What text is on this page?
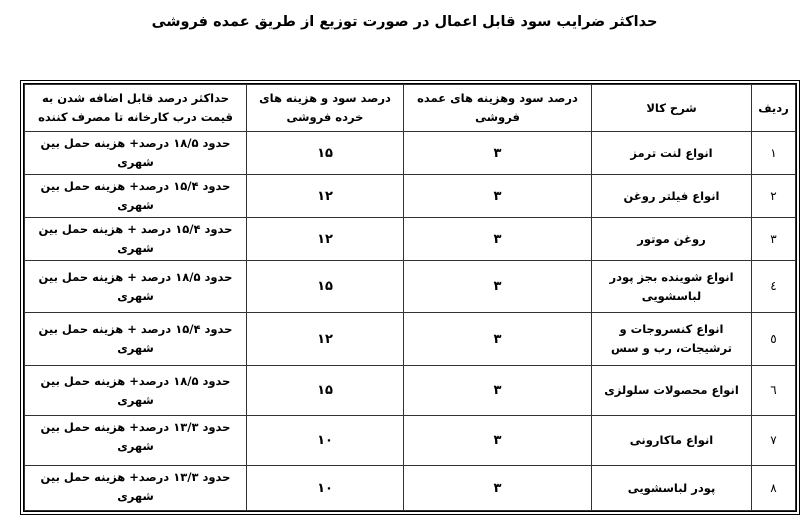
حداکثر ضرایب سود قابل اعمال در صورت توزیع از طریق عمده فروشی
ردیف	شرح کالا	درصد سود وهزینه های عمده فروشی	درصد سود و هزینه های خرده فروشی	حداکثر درصد قابل اضافه شدن به قیمت درب کارخانه تا مصرف کننده
۱	انواع لنت ترمز	۳	۱۵	حدود ۱۸/۵ درصد+ هزینه حمل بین شهری
۲	انواع فیلتر روغن	۳	۱۲	حدود ۱۵/۴ درصد+ هزینه حمل بین شهری
۳	روغن موتور	۳	۱۲	حدود ۱۵/۴ درصد + هزینه حمل بین شهری
٤	انواع شوینده بجز پودر لباسشویی	۳	۱۵	حدود ۱۸/۵ درصد + هزینه حمل بین شهری
٥	انواع کنسروجات و ترشیجات، رب و سس	۳	۱۲	حدود ۱۵/۴ درصد + هزینه حمل بین شهری
٦	انواع محصولات سلولزی	۳	۱۵	حدود ۱۸/۵ درصد+ هزینه حمل بین شهری
۷	انواع ماکارونی	۳	۱۰	حدود ۱۳/۳ درصد+ هزینه حمل بین شهری
۸	پودر لباسشویی	۳	۱۰	حدود ۱۳/۳ درصد+ هزینه حمل بین شهری
